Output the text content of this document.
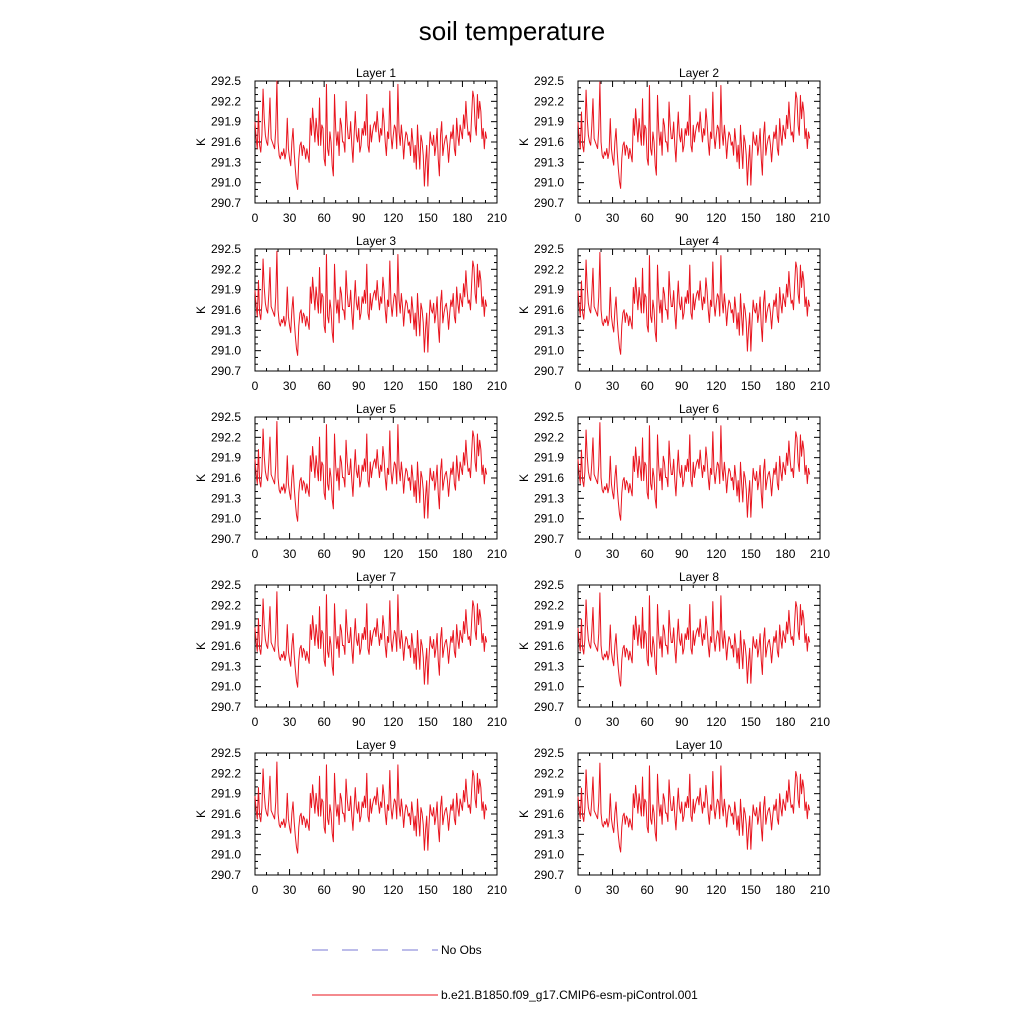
soil temperature
Layer 1
K
0 30 60 90 120 150 180 210
290.7
291.0
291.3
291.6
291.9
292.2
292.5
Layer 2
K
0 30 60 90 120 150 180 210
290.7
291.0
291.3
291.6
291.9
292.2
292.5
Layer 3
K
0 30 60 90 120 150 180 210
290.7
291.0
291.3
291.6
291.9
292.2
292.5
Layer 4
K
0 30 60 90 120 150 180 210
290.7
291.0
291.3
291.6
291.9
292.2
292.5
Layer 5
K
0 30 60 90 120 150 180 210
290.7
291.0
291.3
291.6
291.9
292.2
292.5
Layer 6
K
0 30 60 90 120 150 180 210
290.7
291.0
291.3
291.6
291.9
292.2
292.5
Layer 7
K
0 30 60 90 120 150 180 210
290.7
291.0
291.3
291.6
291.9
292.2
292.5
Layer 8
K
0 30 60 90 120 150 180 210
290.7
291.0
291.3
291.6
291.9
292.2
292.5
Layer 9
K
0 30 60 90 120 150 180 210
290.7
291.0
291.3
291.6
291.9
292.2
292.5
Layer 10
K
0 30 60 90 120 150 180 210
290.7
291.0
291.3
291.6
291.9
292.2
292.5
No Obs
b.e21.B1850.f09_g17.CMIP6-esm-piControl.001
